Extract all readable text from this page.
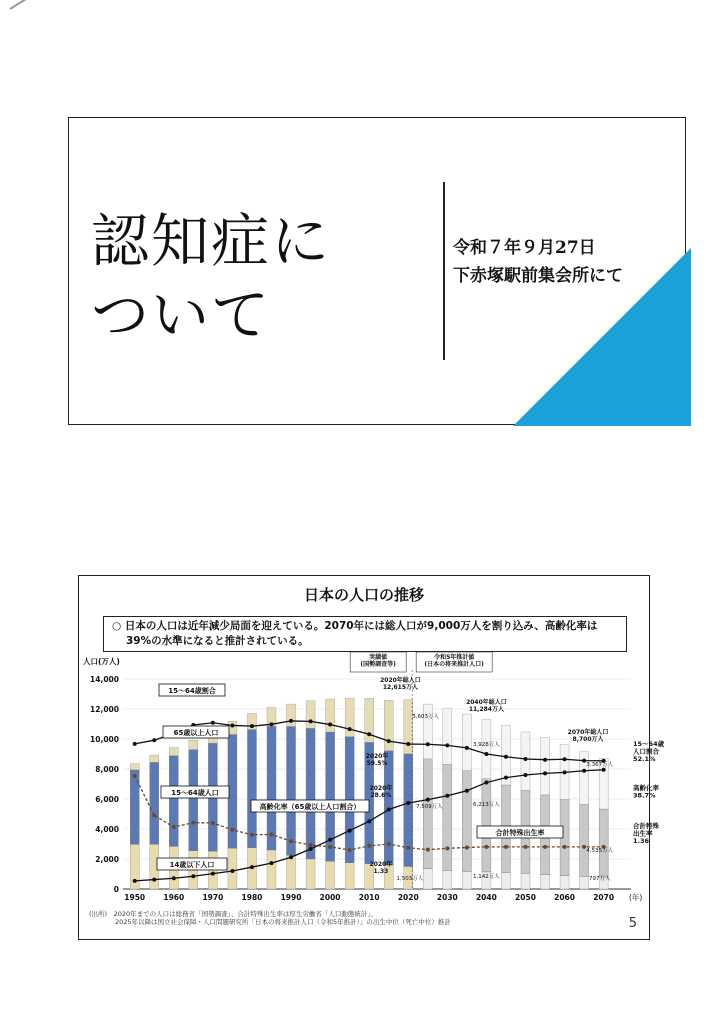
認知症に
ついて
令和７年９月27日
下赤塚駅前集会所にて
日本の人口の推移
○ 日本の人口は近年減少局面を迎えている。2070年には総人口が9,000万人を割り込み、高齢化率は
39%の水準になると推計されている。
人口(万人)
0
2,000
4,000
6,000
8,000
10,000
12,000
14,000
1950 1960 1970 1980 1990 2000 2010 2020 2030 2040 2050 2060 2070 (年)
実績値(国勢調査等)
令和5年推計値(日本の将来推計人口)
15～64歳割合
65歳以上人口
15～64歳人口
14歳以下人口
高齢化率（65歳以上人口割合）
合計特殊出生率
2020年総人口 12,615万人
2040年総人口 11,284万人
2070年総人口 8,700万人
3,603万人
3,928万人
3,367万人
7,509万人	6,213万人
4,535万人
1,503万人	1,142万人	797万人
2020年 59.5%
2020年 28.6%
2020年 1.33
15～64歳人口割合 52.1%
高齢化率 38.7%
合計特殊出生率 1.36
(出所)　2020年までの人口は総務省「国勢調査」、合計特殊出生率は厚生労働省「人口動態統計」、
2025年以降は国立社会保障・人口問題研究所「日本の将来推計人口（令和5年推計）」の出生中位（死亡中位）推計	5
